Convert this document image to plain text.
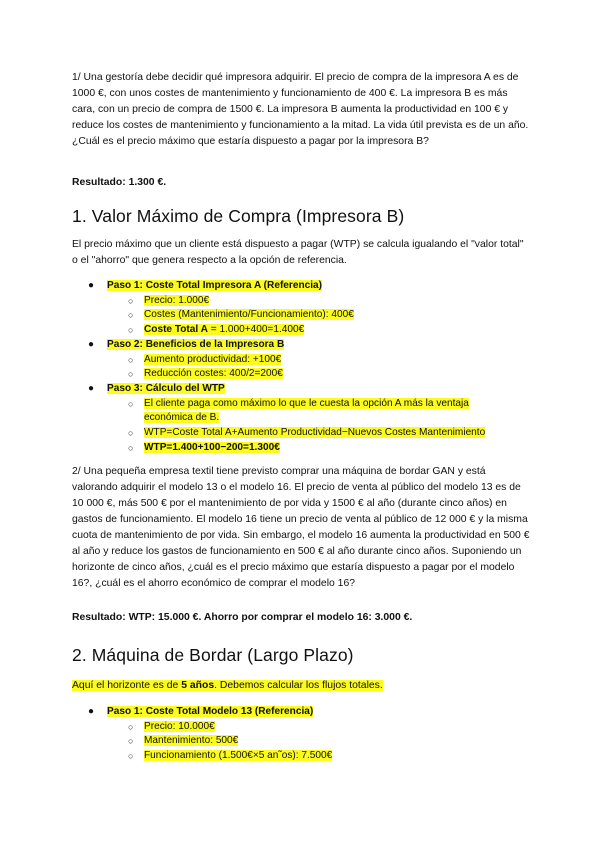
1/ Una gestoría debe decidir qué impresora adquirir. El precio de compra de la impresora A es de 1000 €, con unos costes de mantenimiento y funcionamiento de 400 €. La impresora B es más cara, con un precio de compra de 1500 €. La impresora B aumenta la productividad en 100 € y reduce los costes de mantenimiento y funcionamiento a la mitad. La vida útil prevista es de un año. ¿Cuál es el precio máximo que estaría dispuesto a pagar por la impresora B?

Resultado: 1.300 €.

1. Valor Máximo de Compra (Impresora B)

El precio máximo que un cliente está dispuesto a pagar (WTP) se calcula igualando el "valor total" o el "ahorro" que genera respecto a la opción de referencia.

● Paso 1: Coste Total Impresora A (Referencia)
○ Precio: 1.000€
○ Costes (Mantenimiento/Funcionamiento): 400€
○ Coste Total A = 1.000+400=1.400€
● Paso 2: Beneficios de la Impresora B
○ Aumento productividad: +100€
○ Reducción costes: 400/2=200€
● Paso 3: Cálculo del WTP
○ El cliente paga como máximo lo que le cuesta la opción A más la ventaja
económica de B.
○ WTP=Coste Total A+Aumento Productividad−Nuevos Costes Mantenimiento
○ WTP=1.400+100−200=1.300€

2/ Una pequeña empresa textil tiene previsto comprar una máquina de bordar GAN y está valorando adquirir el modelo 13 o el modelo 16. El precio de venta al público del modelo 13 es de 10 000 €, más 500 € por el mantenimiento de por vida y 1500 € al año (durante cinco años) en gastos de funcionamiento. El modelo 16 tiene un precio de venta al público de 12 000 € y la misma cuota de mantenimiento de por vida. Sin embargo, el modelo 16 aumenta la productividad en 500 € al año y reduce los gastos de funcionamiento en 500 € al año durante cinco años. Suponiendo un horizonte de cinco años, ¿cuál es el precio máximo que estaría dispuesto a pagar por el modelo 16?, ¿cuál es el ahorro económico de comprar el modelo 16?

Resultado: WTP: 15.000 €. Ahorro por comprar el modelo 16: 3.000 €.

2. Máquina de Bordar (Largo Plazo)

Aquí el horizonte es de 5 años. Debemos calcular los flujos totales.

● Paso 1: Coste Total Modelo 13 (Referencia)
○ Precio: 10.000€
○ Mantenimiento: 500€
○ Funcionamiento (1.500€×5 an˜os): 7.500€
